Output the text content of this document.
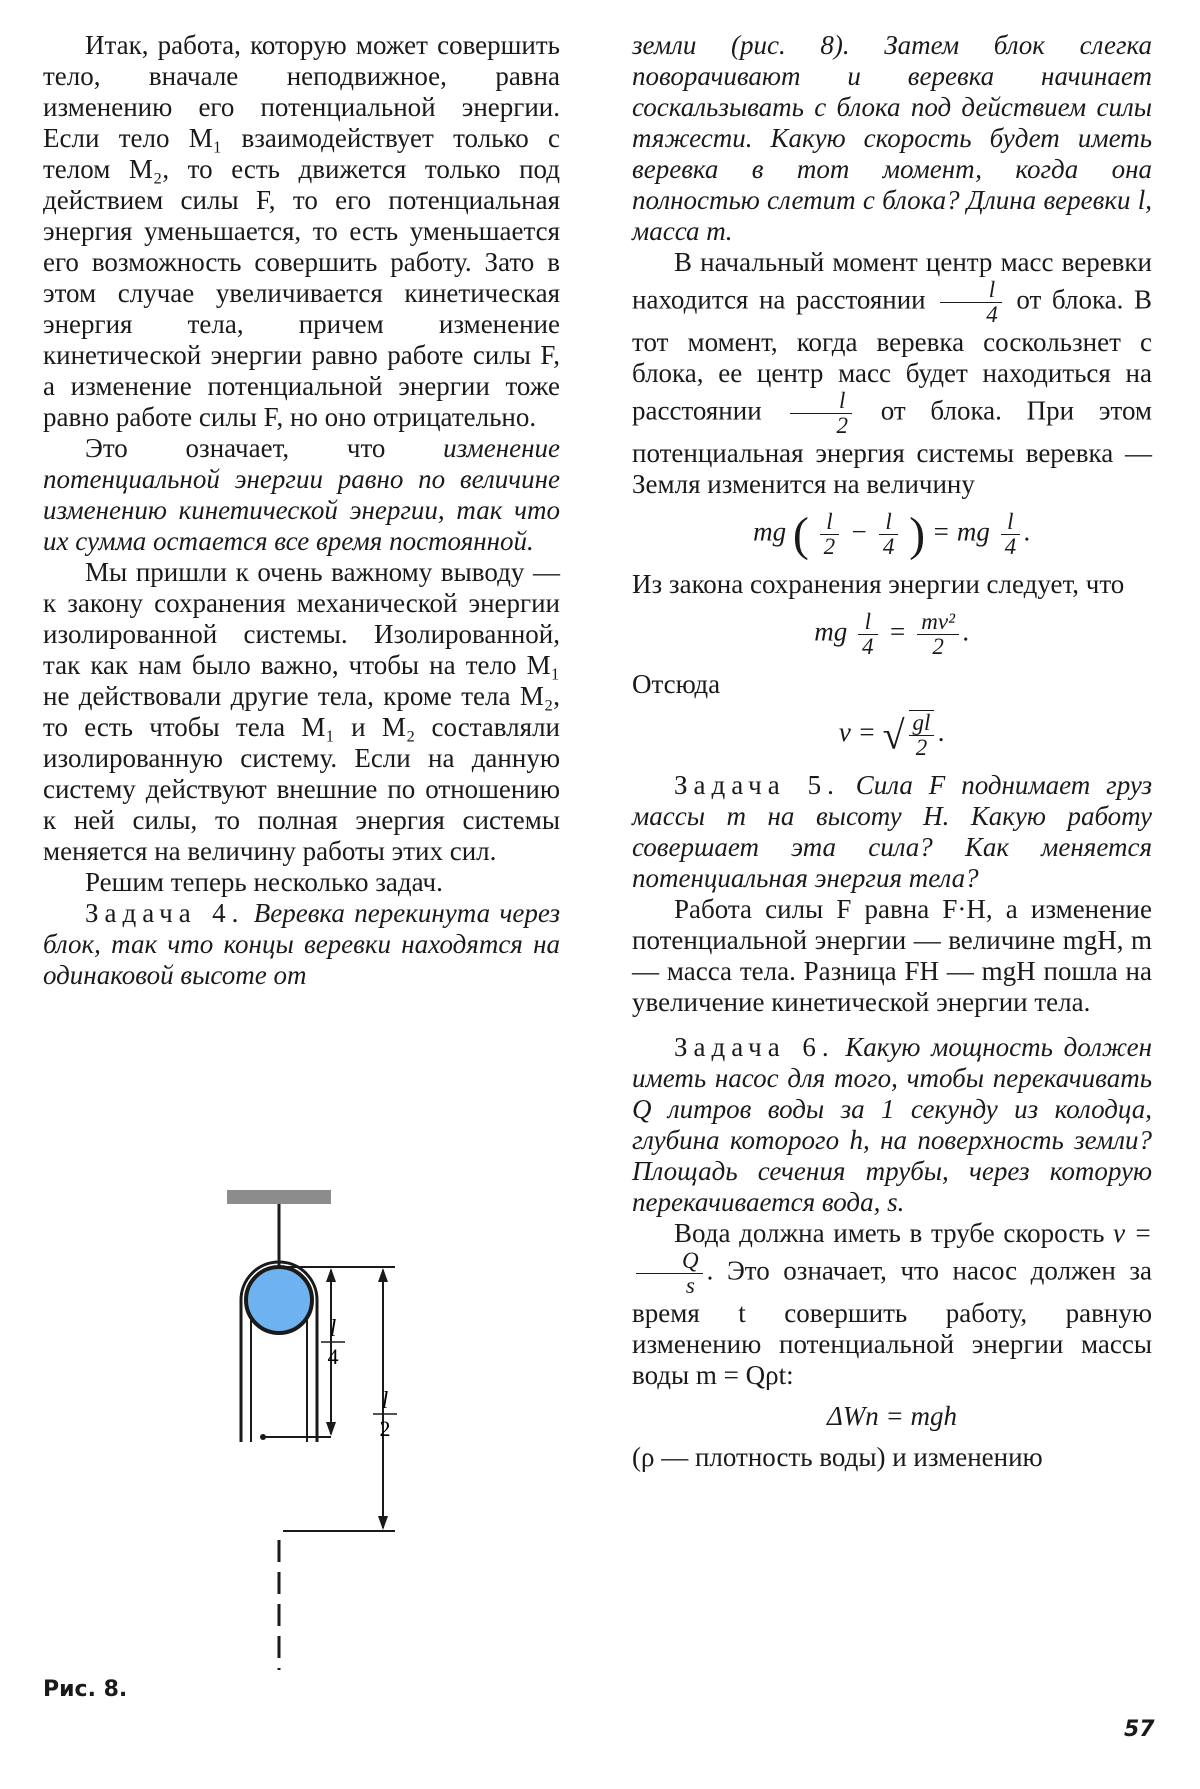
Итак, работа, которую может совершить тело, вначале неподвижное, равна изменению его потенциальной энергии. Если тело M₁ взаимодействует только с телом M₂, то есть движется только под действием силы F, то его потенциальная энергия уменьшается, то есть уменьшается его возможность совершить работу. Зато в этом случае увеличивается кинетическая энергия тела, причем изменение кинетической энергии равно работе силы F, а изменение потенциальной энергии тоже равно работе силы F, но оно отрицательно.

Это означает, что изменение потенциальной энергии равно по величине изменению кинетической энергии, так что их сумма остается все время постоянной.

Мы пришли к очень важному выводу — к закону сохранения механической энергии изолированной системы. Изолированной, так как нам было важно, чтобы на тело M₁ не действовали другие тела, кроме тела M₂, то есть чтобы тела M₁ и M₂ составляли изолированную систему. Если на данную систему действуют внешние по отношению к ней силы, то полная энергия системы меняется на величину работы этих сил.

Решим теперь несколько задач.

Задача 4. Веревка перекинута через блок, так что концы веревки находятся на одинаковой высоте от

l
4
l
2
Рис. 8.

земли (рис. 8). Затем блок слегка поворачивают и веревка начинает соскальзывать с блока под действием силы тяжести. Какую скорость будет иметь веревка в тот момент, когда она полностью слетит с блока? Длина веревки l, масса m.

В начальный момент центр масс веревки находится на расстоянии $\frac{l}{4}$ от блока. В тот момент, когда веревка соскользнет с блока, ее центр масс будет находиться на расстоянии $\frac{l}{2}$ от блока. При этом потенциальная энергия системы веревка — Земля изменится на величину

mg ( $\frac{l}{2} - \frac{l}{4}$ ) = mg $\frac{l}{4}$ .

Из закона сохранения энергии следует, что

mg $\frac{l}{4} = \frac{\text{mv²}}{2}$ .

Отсюда

v = √ $\frac{gl}{2}$ .

Задача 5. Сила F поднимает груз массы m на высоту H. Какую работу совершает эта сила? Как меняется потенциальная энергия тела?

Работа силы F равна F·H, а изменение потенциальной энергии — величине mgH, m — масса тела. Разница FH — mgH пошла на увеличение кинетической энергии тела.

Задача 6. Какую мощность должен иметь насос для того, чтобы перекачивать Q литров воды за 1 секунду из колодца, глубина которого h, на поверхность земли? Площадь сечения трубы, через которую перекачивается вода, s.

Вода должна иметь в трубе скорость v =
$\frac{Q}{s}$ . Это означает, что насос должен за время t совершить работу, равную изменению потенциальной энергии массы воды m = Qρt:

ΔWп = mgh

(ρ — плотность воды) и изменению

57
